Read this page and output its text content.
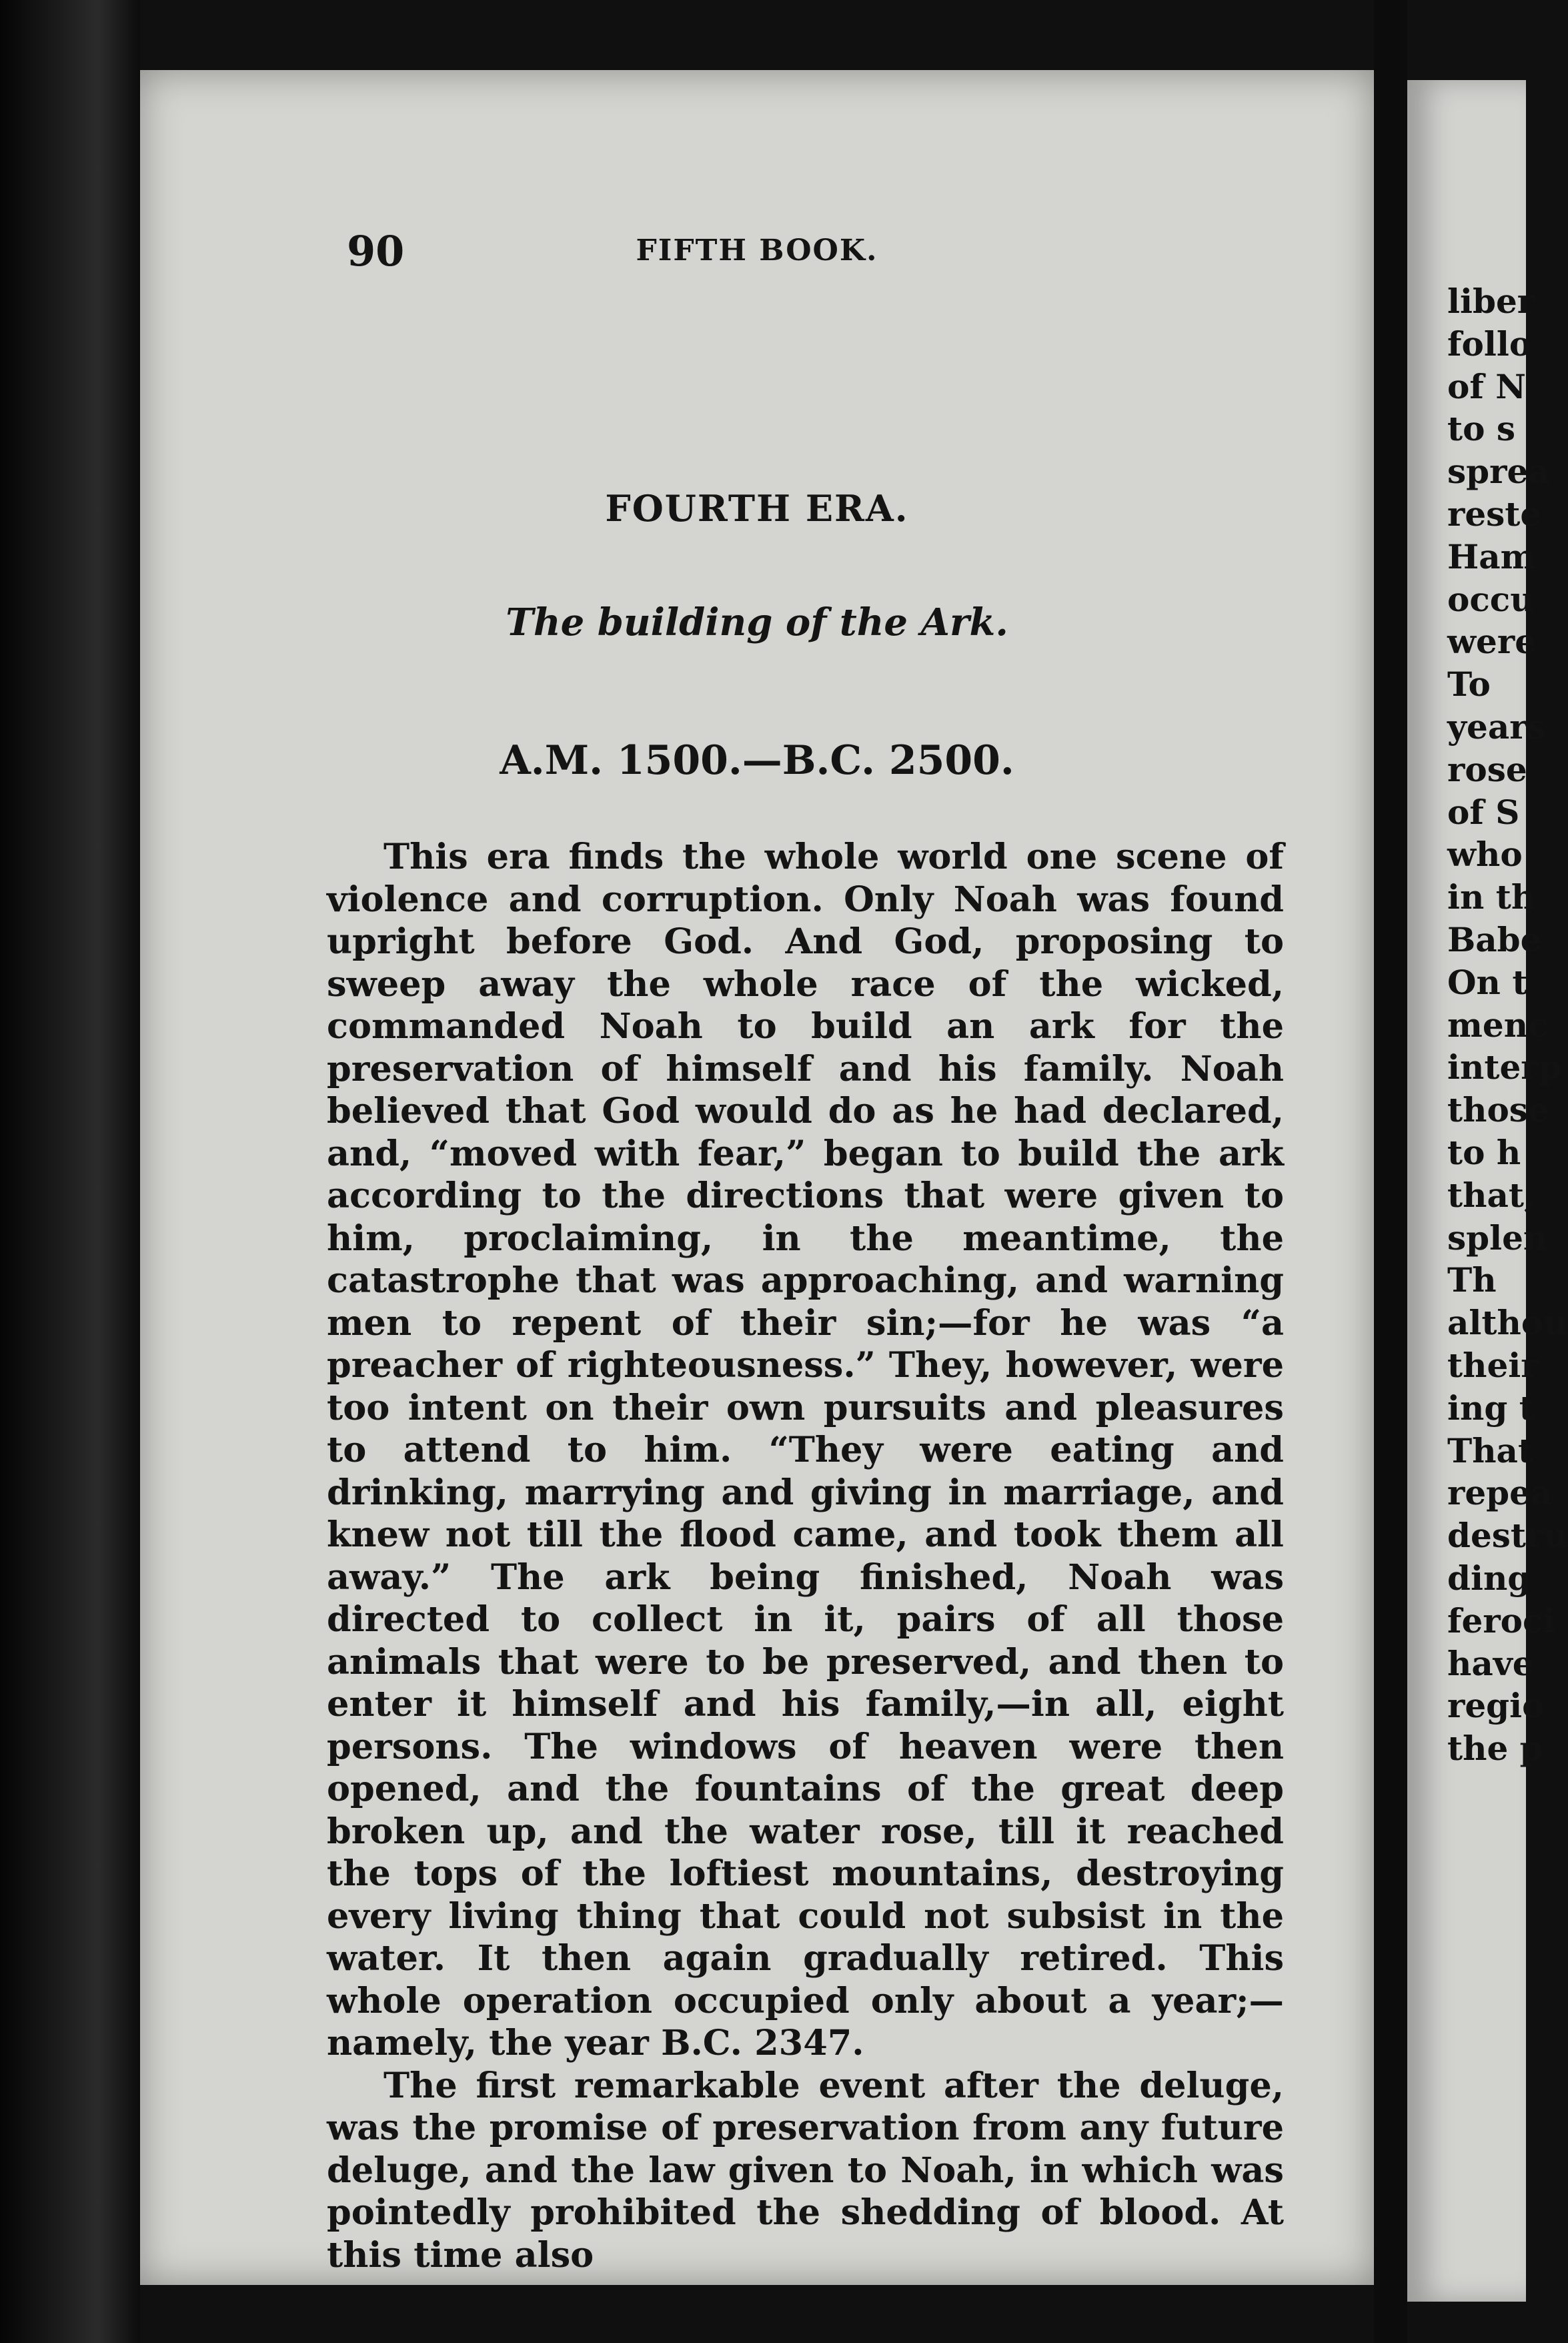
90	FIFTH BOOK.
FOURTH ERA.
The building of the Ark.
A.M. 1500.—B.C. 2500.

This era finds the whole world one scene of violence and corruption. Only Noah was found upright before God. And God, proposing to sweep away the whole race of the wicked, commanded Noah to build an ark for the preservation of himself and his family. Noah believed that God would do as he had declared, and, “moved with fear,” began to build the ark according to the directions that were given to him, proclaiming, in the meantime, the catastrophe that was approaching, and warning men to repent of their sin;—for he was “a preacher of righteousness.” They, however, were too intent on their own pursuits and pleasures to attend to him. “They were eating and drinking, marrying and giving in marriage, and knew not till the flood came, and took them all away.” The ark being finished, Noah was directed to collect in it, pairs of all those animals that were to be preserved, and then to enter it himself and his family,—in all, eight persons. The windows of heaven were then opened, and the fountains of the great deep broken up, and the water rose, till it reached the tops of the loftiest mountains, destroying every living thing that could not subsist in the water. It then again gradually retired. This whole operation occupied only about a year;—namely, the year B.C. 2347.

The first remarkable event after the deluge, was the promise of preservation from any future deluge, and the law given to Noah, in which was pointedly prohibited the shedding of blood. At this time also

liber
follo
of N
to s
sprea
reste
Ham
occu
were
To
years
rose
of S
who
in th
Babe
On t
menc
interp
those
to h
that,
splen
Th
althou
their
ing t
That
repea
destru
ding
feroci
have
regio
the p
